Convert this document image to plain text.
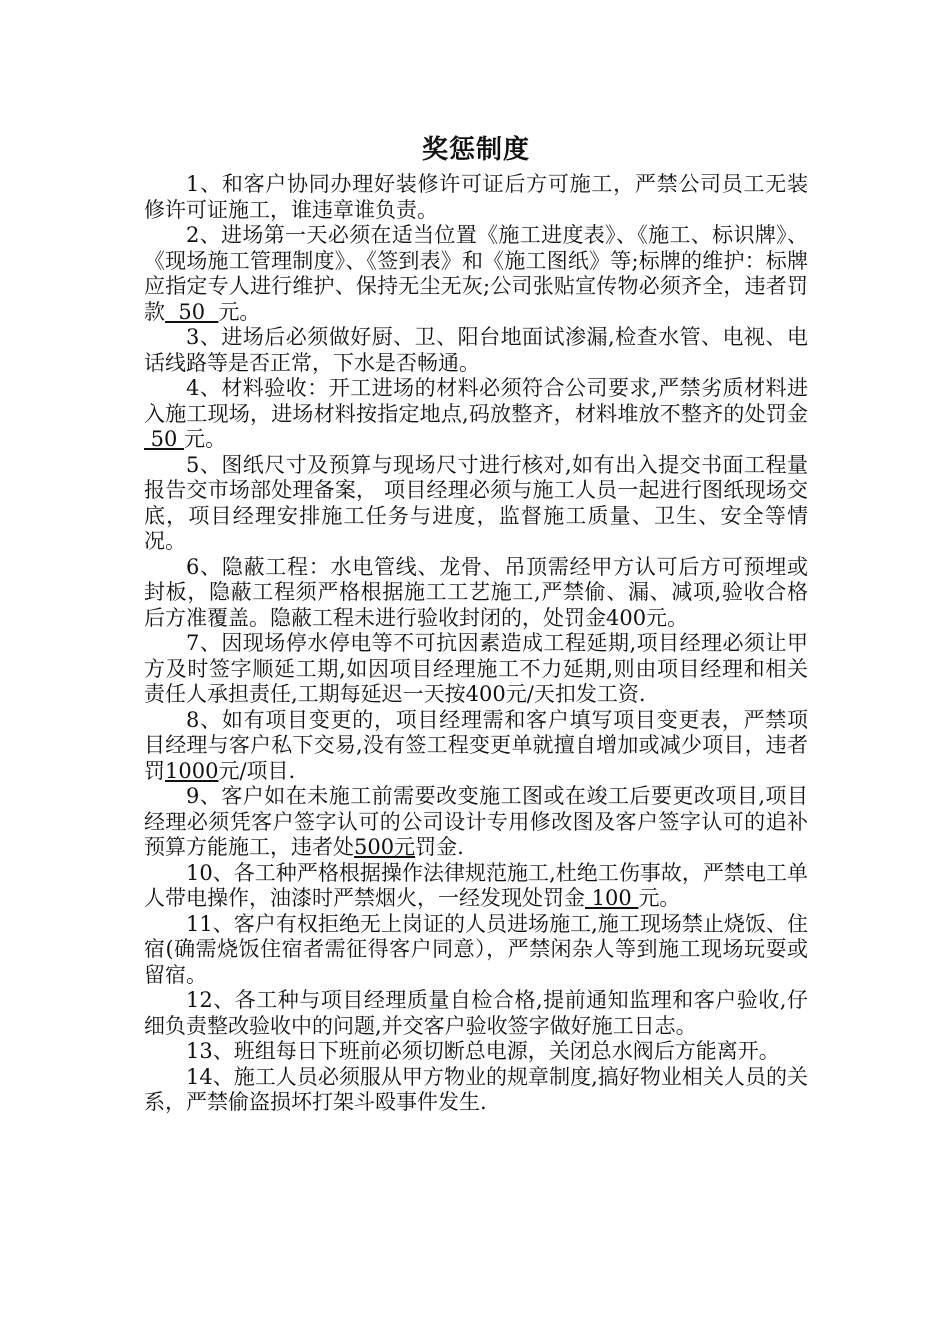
奖惩制度

1、和客户协同办理好装修许可证后方可施工，严禁公司员工无装修许可证施工，谁违章谁负责。

2、进场第一天必须在适当位置《施工进度表》、《施工、标识牌》、《现场施工管理制度》、《签到表》和《施工图纸》等;标牌的维护：标牌应指定专人进行维护、保持无尘无灰;公司张贴宣传物必须齐全，违者罚款  50  元。

3、进场后必须做好厨、卫、阳台地面试渗漏,检查水管、电视、电话线路等是否正常，下水是否畅通。

4、材料验收：开工进场的材料必须符合公司要求,严禁劣质材料进入施工现场，进场材料按指定地点,码放整齐，材料堆放不整齐的处罚金 50 元。

5、图纸尺寸及预算与现场尺寸进行核对,如有出入提交书面工程量报告交市场部处理备案， 项目经理必须与施工人员一起进行图纸现场交底，项目经理安排施工任务与进度，监督施工质量、卫生、安全等情况。

6、隐蔽工程：水电管线、龙骨、吊顶需经甲方认可后方可预埋或封板，隐蔽工程须严格根据施工工艺施工,严禁偷、漏、减项,验收合格后方准覆盖。隐蔽工程未进行验收封闭的，处罚金400元。

7、因现场停水停电等不可抗因素造成工程延期,项目经理必须让甲方及时签字顺延工期,如因项目经理施工不力延期,则由项目经理和相关责任人承担责任,工期每延迟一天按400元/天扣发工资.

8、如有项目变更的，项目经理需和客户填写项目变更表，严禁项目经理与客户私下交易,没有签工程变更单就擅自增加或减少项目，违者罚1000元/项目.

9、客户如在未施工前需要改变施工图或在竣工后要更改项目,项目经理必须凭客户签字认可的公司设计专用修改图及客户签字认可的追补预算方能施工，违者处500元罚金.

10、各工种严格根据操作法律规范施工,杜绝工伤事故，严禁电工单人带电操作，油漆时严禁烟火，一经发现处罚金 100 元。

11、客户有权拒绝无上岗证的人员进场施工,施工现场禁止烧饭、住宿(确需烧饭住宿者需征得客户同意），严禁闲杂人等到施工现场玩耍或留宿。

12、各工种与项目经理质量自检合格,提前通知监理和客户验收,仔细负责整改验收中的问题,并交客户验收签字做好施工日志。

13、班组每日下班前必须切断总电源，关闭总水阀后方能离开。

14、施工人员必须服从甲方物业的规章制度,搞好物业相关人员的关系，严禁偷盗损坏打架斗殴事件发生.
